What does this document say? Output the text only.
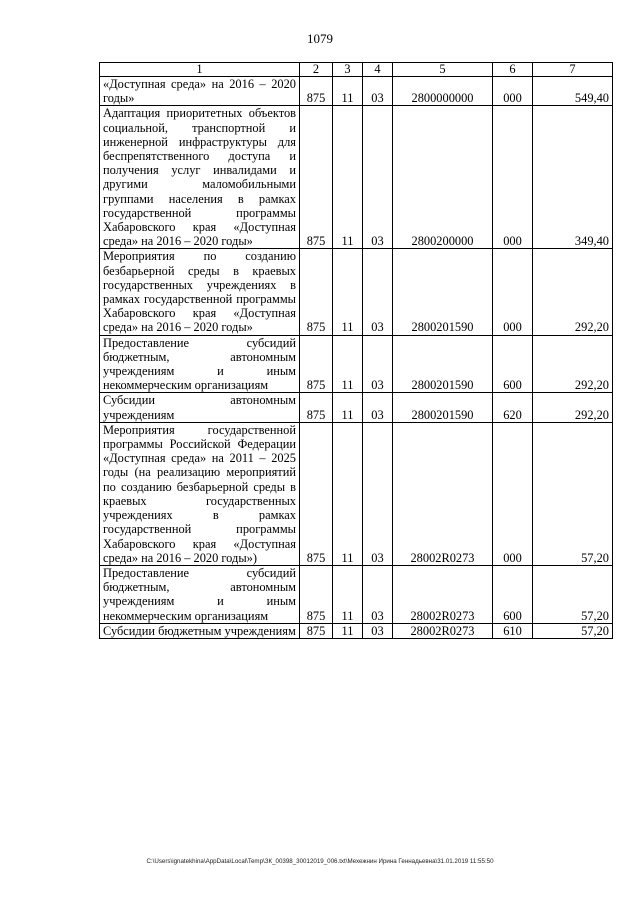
1079
1	2	3	4	5	6	7
«Доступная среда» на 2016 – 2020 годы»	875	11	03	2800000000	000	549,40
Адаптация приоритетных объектов социальной, транспортной и инженерной инфраструктуры для беспрепятственного доступа и получения услуг инвалидами и другими маломобильными группами населения в рамках государственной программы Хабаровского края «Доступная среда» на 2016 – 2020 годы»	875	11	03	2800200000	000	349,40
Мероприятия по созданию безбарьерной среды в краевых государственных учреждениях в рамках государственной программы Хабаровского края «Доступная среда» на 2016 – 2020 годы»	875	11	03	2800201590	000	292,20
Предоставление субсидий бюджетным, автономным учреждениям и иным некоммерческим организациям	875	11	03	2800201590	600	292,20
Субсидии автономным учреждениям	875	11	03	2800201590	620	292,20
Мероприятия государственной программы Российской Федерации «Доступная среда» на 2011 – 2025 годы (на реализацию мероприятий по созданию безбарьерной среды в краевых государственных учреждениях в рамках государственной программы Хабаровского края «Доступная среда» на 2016 – 2020 годы»)	875	11	03	28002R0273	000	57,20
Предоставление субсидий бюджетным, автономным учреждениям и иным некоммерческим организациям	875	11	03	28002R0273	600	57,20
Субсидии бюджетным учреждениям	875	11	03	28002R0273	610	57,20
C:\Users\ignatekhina\AppData\Local\Temp\ЗК_00398_30012019_006.txt\Мехежнин Ирина Геннадьевна\31.01.2019 11:55:50
